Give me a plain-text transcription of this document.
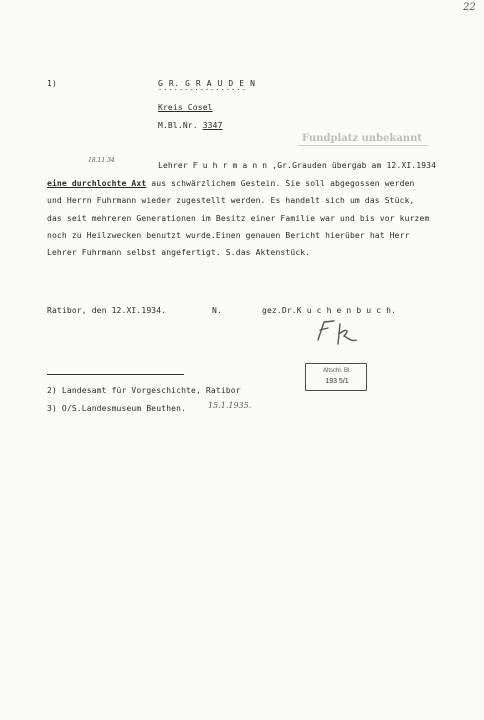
22
1)	G R. G R A U D E N
-·-·-·-·-·-·-·-·-
Kreis Cosel
M.Bl.Nr. 3347
Fundplatz unbekannt
18.11.34
Lehrer F u h r m a n n ,Gr.Grauden übergab am 12.XI.1934
eine durchlochte Axt aus schwärzlichem Gestein. Sie soll abgegossen werden
und Herrn Fuhrmann wieder zugestellt werden. Es handelt sich um das Stück,
das seit mehreren Generationen im Besitz einer Familie war und bis vor kurzem
noch zu Heilzwecken benutzt wurde.Einen genauen Bericht hierüber hat Herr
Lehrer Fuhrmann selbst angefertigt. S.das Aktenstück.
Ratibor, den 12.XI.1934.	N.	gez.Dr.K u c h e n b u c h.
Altschl. Bl.
193 5/1
2) Landesamt für Vorgeschichte, Ratibor
3) O/S.Landesmuseum Beuthen.	15.1.1935.
